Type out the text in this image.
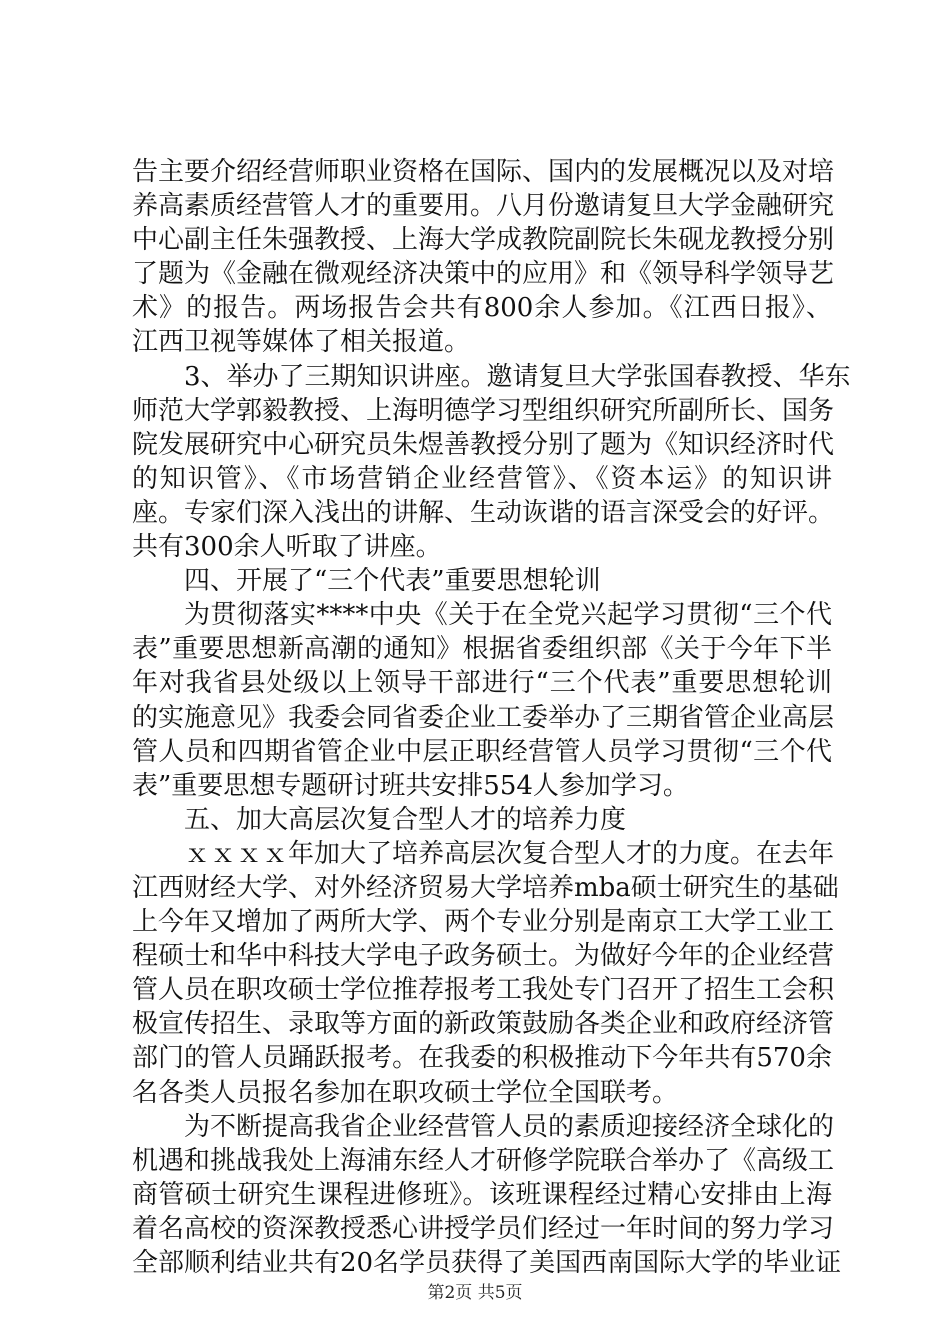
告主要介绍经营师职业资格在国际、国内的发展概况以及对培
养高素质经营管人才的重要用。八月份邀请复旦大学金融研究
中心副主任朱强教授、上海大学成教院副院长朱砚龙教授分别
了题为《金融在微观经济决策中的应用》和《领导科学领导艺
术》的报告。两场报告会共有800余人参加。《江西日报》、
江西卫视等媒体了相关报道。
3、举办了三期知识讲座。邀请复旦大学张国春教授、华东
师范大学郭毅教授、上海明德学习型组织研究所副所长、国务
院发展研究中心研究员朱煜善教授分别了题为《知识经济时代
的知识管》、《市场营销企业经营管》、《资本运》的知识讲
座。专家们深入浅出的讲解、生动诙谐的语言深受会的好评。
共有300余人听取了讲座。
四、开展了“三个代表”重要思想轮训
为贯彻落实****中央《关于在全党兴起学习贯彻“三个代
表”重要思想新高潮的通知》根据省委组织部《关于今年下半
年对我省县处级以上领导干部进行“三个代表”重要思想轮训
的实施意见》我委会同省委企业工委举办了三期省管企业高层
管人员和四期省管企业中层正职经营管人员学习贯彻“三个代
表”重要思想专题研讨班共安排554人参加学习。
五、加大高层次复合型人才的培养力度
ｘｘｘｘ年加大了培养高层次复合型人才的力度。在去年
江西财经大学、对外经济贸易大学培养mba硕士研究生的基础
上今年又增加了两所大学、两个专业分别是南京工大学工业工
程硕士和华中科技大学电子政务硕士。为做好今年的企业经营
管人员在职攻硕士学位推荐报考工我处专门召开了招生工会积
极宣传招生、录取等方面的新政策鼓励各类企业和政府经济管
部门的管人员踊跃报考。在我委的积极推动下今年共有570余
名各类人员报名参加在职攻硕士学位全国联考。
为不断提高我省企业经营管人员的素质迎接经济全球化的
机遇和挑战我处上海浦东经人才研修学院联合举办了《高级工
商管硕士研究生课程进修班》。该班课程经过精心安排由上海
着名高校的资深教授悉心讲授学员们经过一年时间的努力学习
全部顺利结业共有20名学员获得了美国西南国际大学的毕业证
第2页 共5页
